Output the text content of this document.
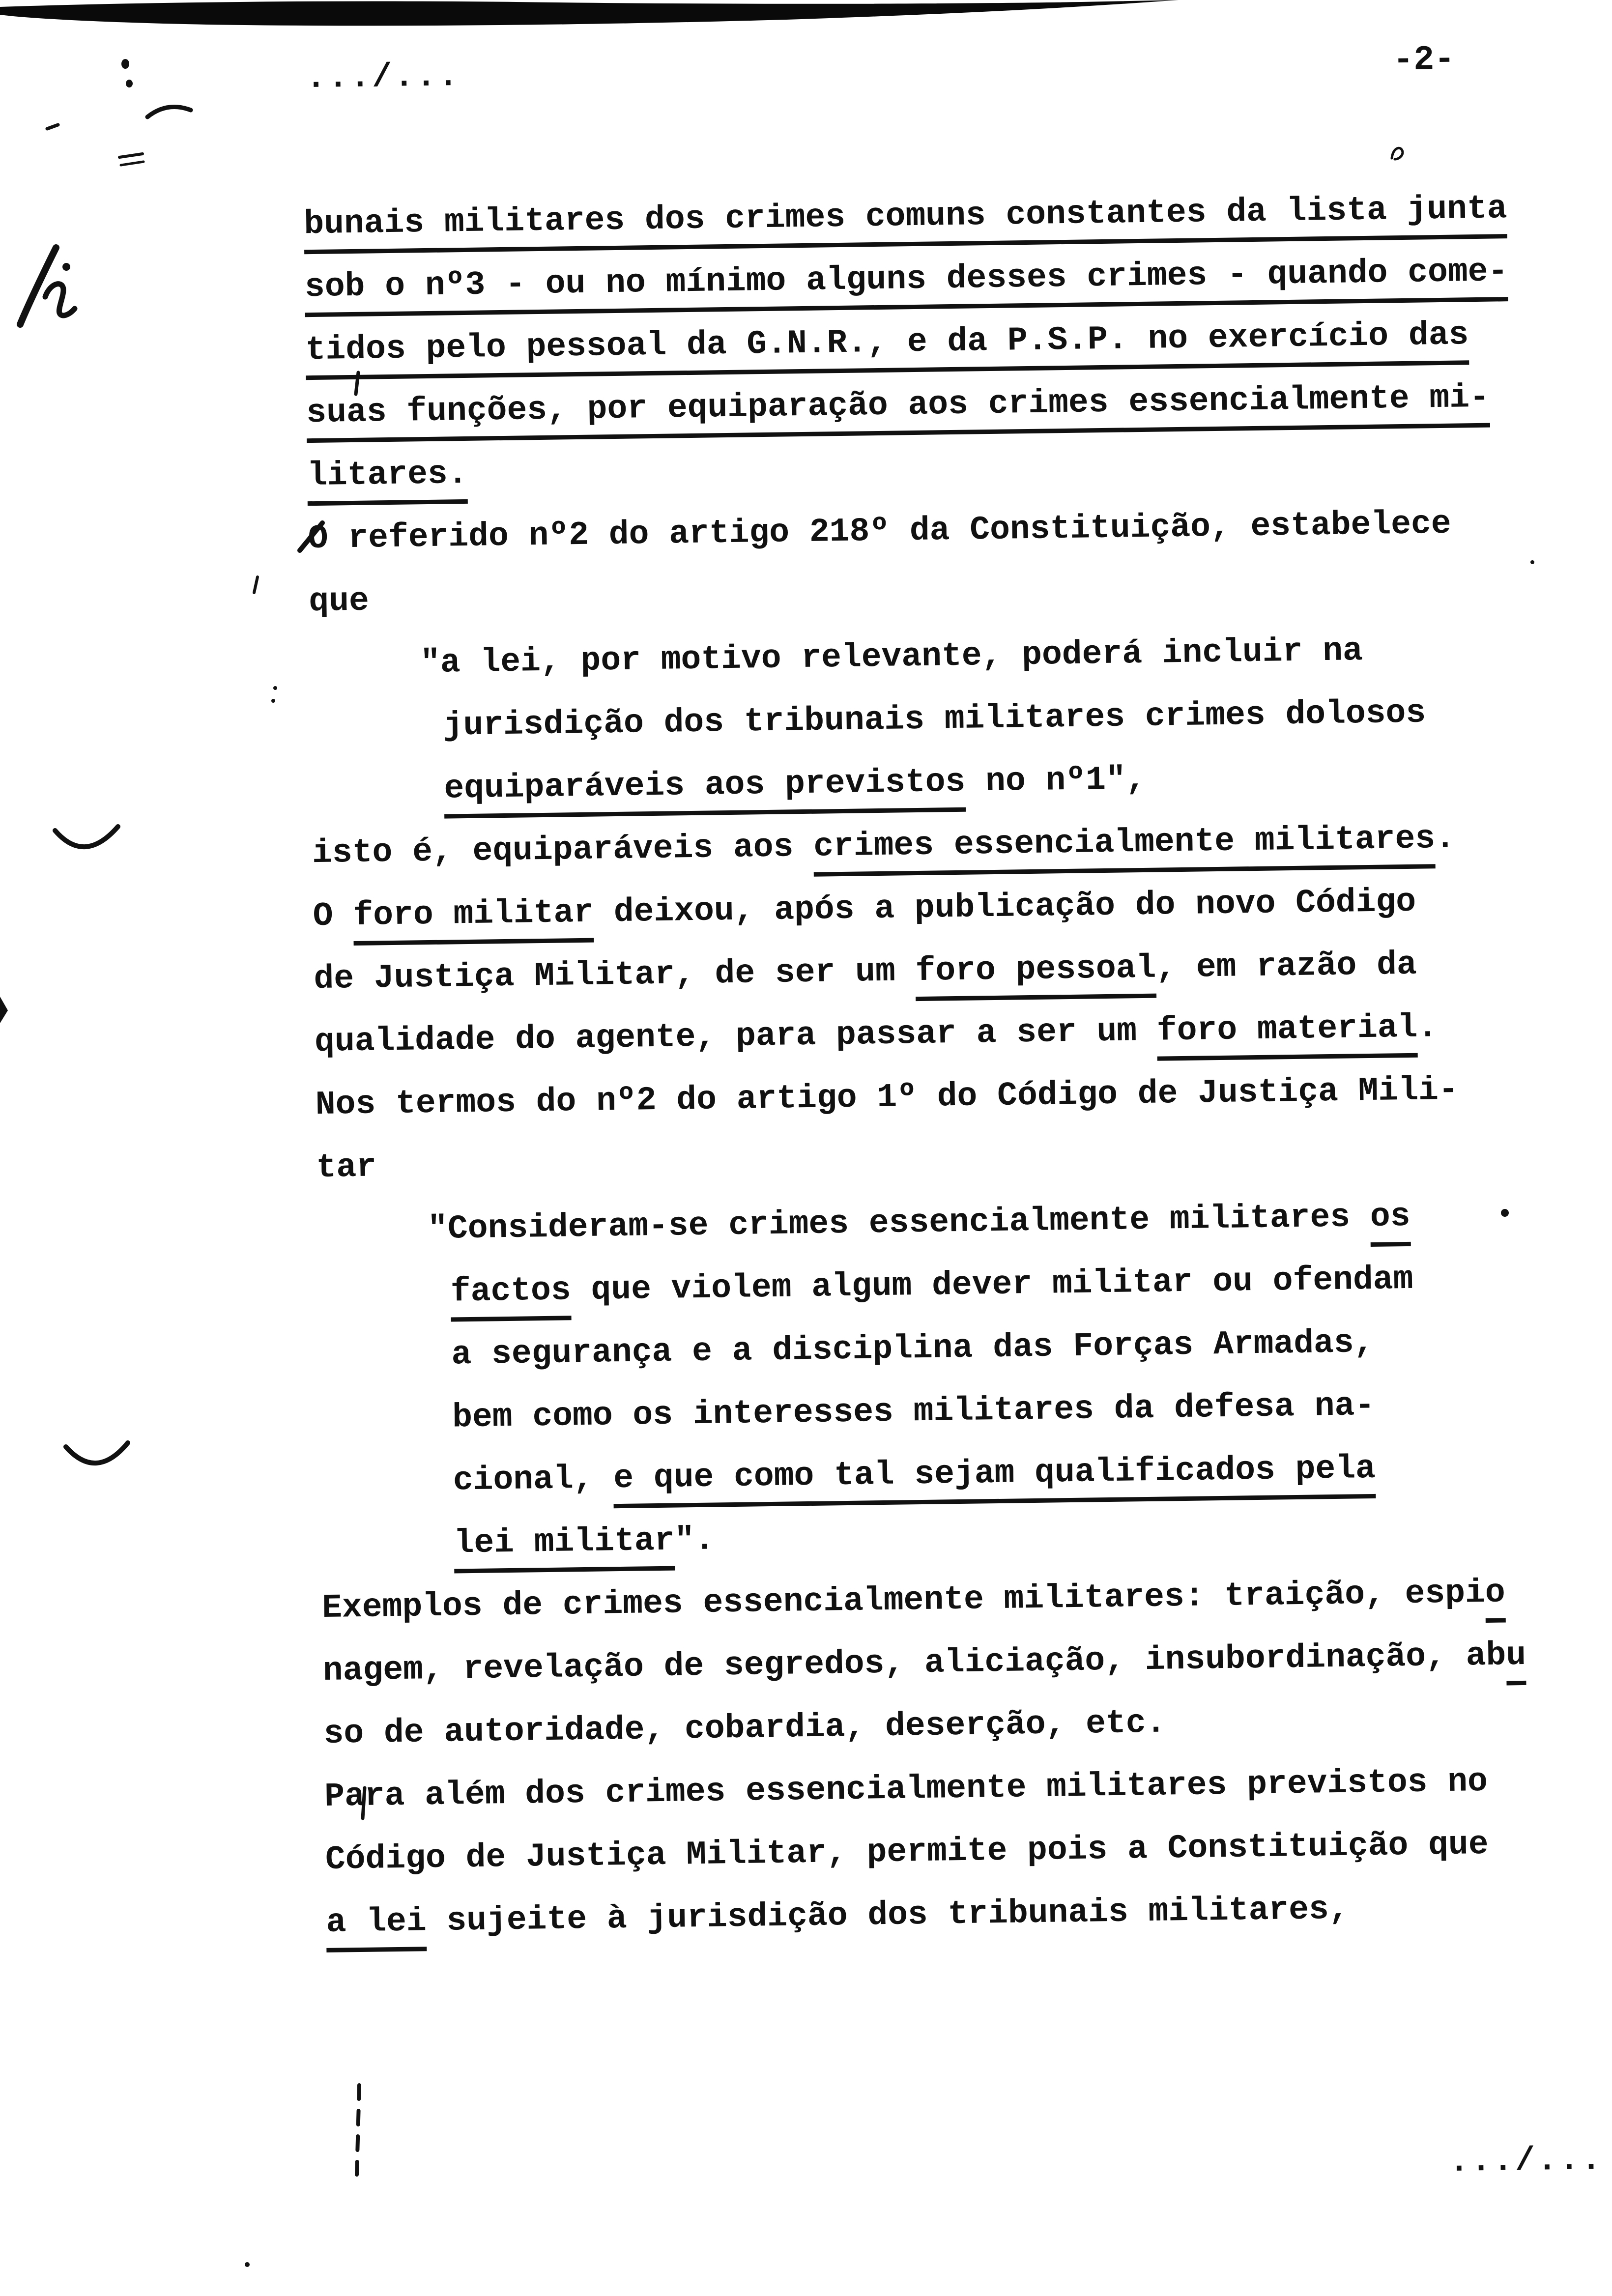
.../...	-2-
bunais militares dos crimes comuns constantes da lista junta
sob o nº3 - ou no mínimo alguns desses crimes - quando come-
tidos pelo pessoal da G.N.R., e da P.S.P. no exercício das
suas funções, por equiparação aos crimes essencialmente mi-
litares.
O referido nº2 do artigo 218º da Constituição, estabelece
que
"a lei, por motivo relevante, poderá incluir na
jurisdição dos tribunais militares crimes dolosos
equiparáveis aos previstos no nº1",
isto é, equiparáveis aos crimes essencialmente militares.
O foro militar deixou, após a publicação do novo Código
de Justiça Militar, de ser um foro pessoal, em razão da
qualidade do agente, para passar a ser um foro material.
Nos termos do nº2 do artigo 1º do Código de Justiça Mili-
tar
"Consideram-se crimes essencialmente militares os
factos que violem algum dever militar ou ofendam
a segurança e a disciplina das Forças Armadas,
bem como os interesses militares da defesa na-
cional, e que como tal sejam qualificados pela
lei militar".
Exemplos de crimes essencialmente militares: traição, espio
nagem, revelação de segredos, aliciação, insubordinação, abu
so de autoridade, cobardia, deserção, etc.
Para além dos crimes essencialmente militares previstos no
Código de Justiça Militar, permite pois a Constituição que
a lei sujeite à jurisdição dos tribunais militares,
.../...
